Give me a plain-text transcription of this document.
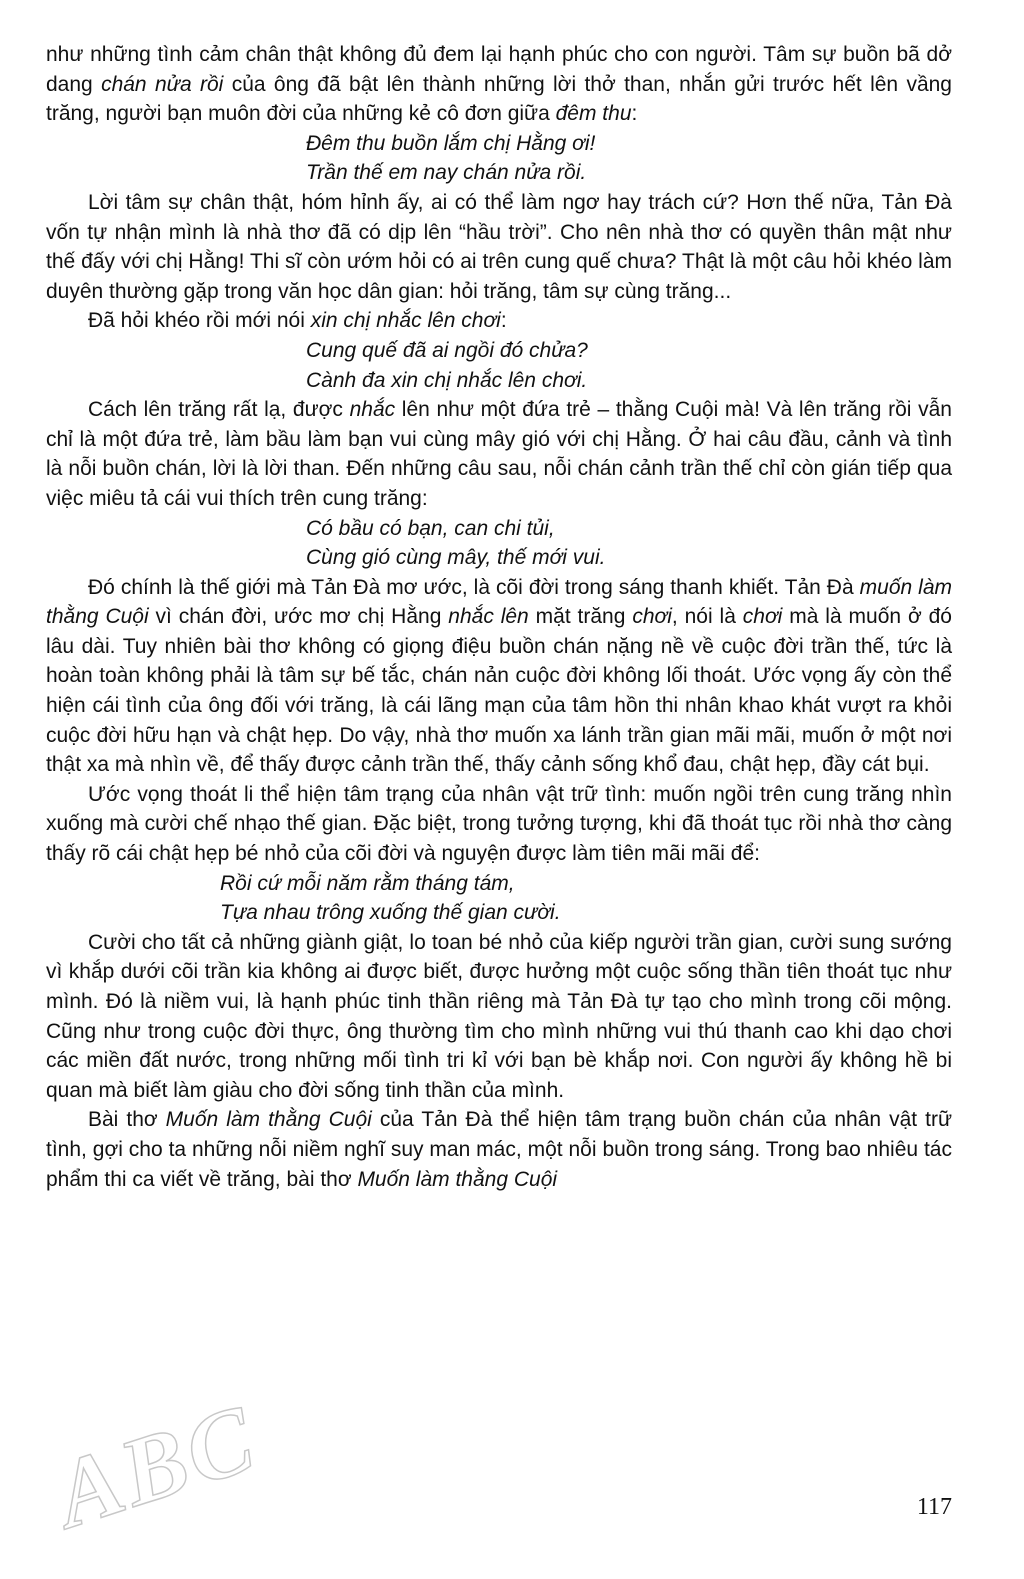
như những tình cảm chân thật không đủ đem lại hạnh phúc cho con người. Tâm sự buồn bã dở dang chán nửa rồi của ông đã bật lên thành những lời thở than, nhắn gửi trước hết lên vầng trăng, người bạn muôn đời của những kẻ cô đơn giữa đêm thu:

Đêm thu buồn lắm chị Hằng ơi!

Trần thế em nay chán nửa rồi.

Lời tâm sự chân thật, hóm hỉnh ấy, ai có thể làm ngơ hay trách cứ? Hơn thế nữa, Tản Đà vốn tự nhận mình là nhà thơ đã có dịp lên “hầu trời”. Cho nên nhà thơ có quyền thân mật như thế đấy với chị Hằng! Thi sĩ còn ướm hỏi có ai trên cung quế chưa? Thật là một câu hỏi khéo làm duyên thường gặp trong văn học dân gian: hỏi trăng, tâm sự cùng trăng...

Đã hỏi khéo rồi mới nói xin chị nhắc lên chơi:

Cung quế đã ai ngồi đó chửa?

Cành đa xin chị nhắc lên chơi.

Cách lên trăng rất lạ, được nhắc lên như một đứa trẻ – thằng Cuội mà! Và lên trăng rồi vẫn chỉ là một đứa trẻ, làm bầu làm bạn vui cùng mây gió với chị Hằng. Ở hai câu đầu, cảnh và tình là nỗi buồn chán, lời là lời than. Đến những câu sau, nỗi chán cảnh trần thế chỉ còn gián tiếp qua việc miêu tả cái vui thích trên cung trăng:

Có bầu có bạn, can chi tủi,

Cùng gió cùng mây, thế mới vui.

Đó chính là thế giới mà Tản Đà mơ ước, là cõi đời trong sáng thanh khiết. Tản Đà muốn làm thằng Cuội vì chán đời, ước mơ chị Hằng nhắc lên mặt trăng chơi, nói là chơi mà là muốn ở đó lâu dài. Tuy nhiên bài thơ không có giọng điệu buồn chán nặng nề về cuộc đời trần thế, tức là hoàn toàn không phải là tâm sự bế tắc, chán nản cuộc đời không lối thoát. Ước vọng ấy còn thể hiện cái tình của ông đối với trăng, là cái lãng mạn của tâm hồn thi nhân khao khát vượt ra khỏi cuộc đời hữu hạn và chật hẹp. Do vậy, nhà thơ muốn xa lánh trần gian mãi mãi, muốn ở một nơi thật xa mà nhìn về, để thấy được cảnh trần thế, thấy cảnh sống khổ đau, chật hẹp, đầy cát bụi.

Ước vọng thoát li thể hiện tâm trạng của nhân vật trữ tình: muốn ngồi trên cung trăng nhìn xuống mà cười chế nhạo thế gian. Đặc biệt, trong tưởng tượng, khi đã thoát tục rồi nhà thơ càng thấy rõ cái chật hẹp bé nhỏ của cõi đời và nguyện được làm tiên mãi mãi để:

Rồi cứ mỗi năm rằm tháng tám,

Tựa nhau trông xuống thế gian cười.

Cười cho tất cả những giành giật, lo toan bé nhỏ của kiếp người trần gian, cười sung sướng vì khắp dưới cõi trần kia không ai được biết, được hưởng một cuộc sống thần tiên thoát tục như mình. Đó là niềm vui, là hạnh phúc tinh thần riêng mà Tản Đà tự tạo cho mình trong cõi mộng. Cũng như trong cuộc đời thực, ông thường tìm cho mình những vui thú thanh cao khi dạo chơi các miền đất nước, trong những mối tình tri kỉ với bạn bè khắp nơi. Con người ấy không hề bi quan mà biết làm giàu cho đời sống tinh thần của mình.

Bài thơ Muốn làm thằng Cuội của Tản Đà thể hiện tâm trạng buồn chán của nhân vật trữ tình, gợi cho ta những nỗi niềm nghĩ suy man mác, một nỗi buồn trong sáng. Trong bao nhiêu tác phẩm thi ca viết về trăng, bài thơ Muốn làm thằng Cuội

ABC	117
